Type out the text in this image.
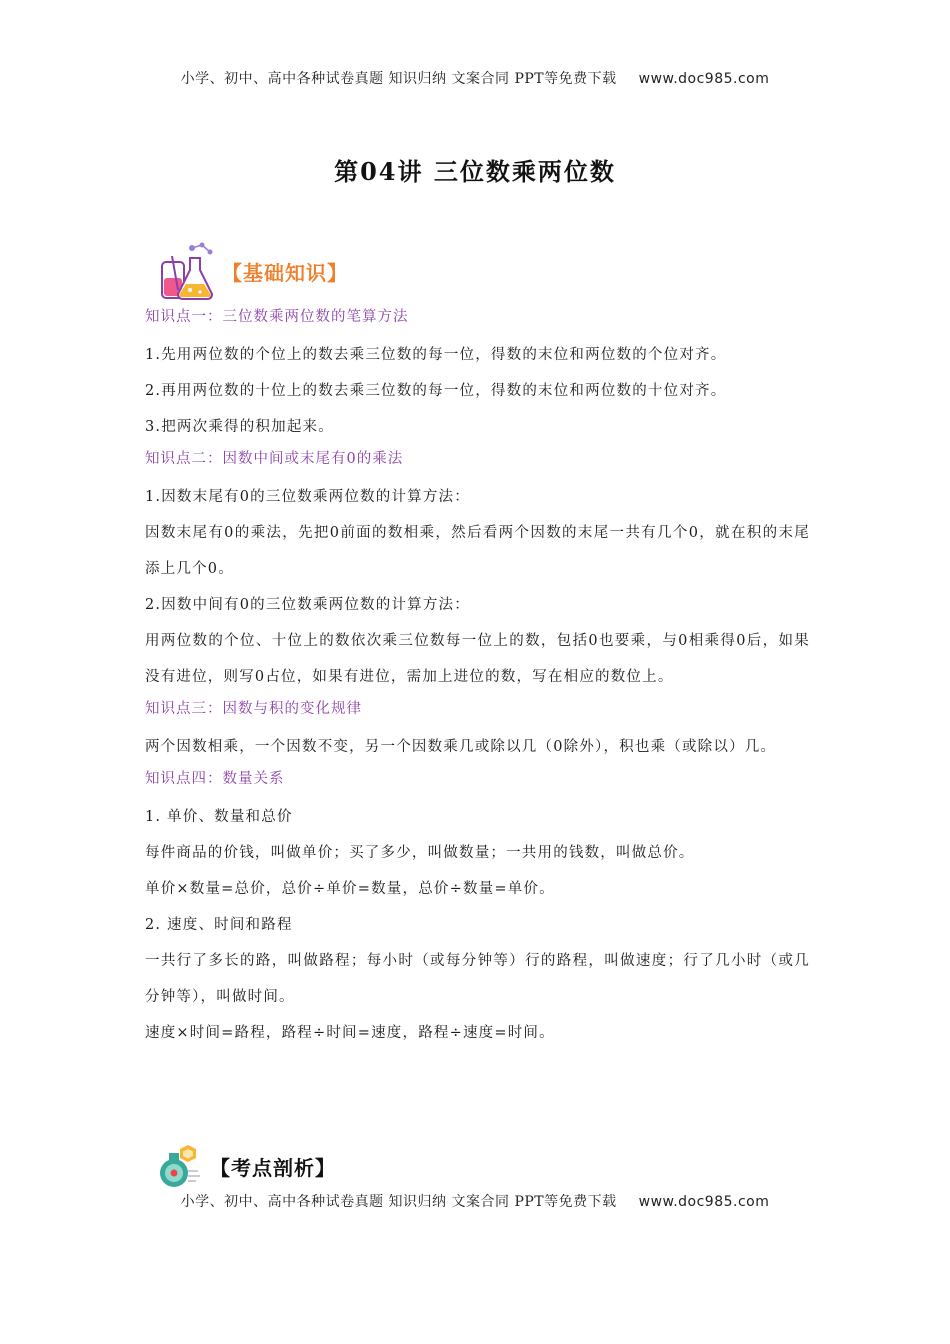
小学、初中、高中各种试卷真题 知识归纳 文案合同 PPT等免费下载 www.doc985.com
第04讲 三位数乘两位数
【基础知识】
知识点一：三位数乘两位数的笔算方法
1.先用两位数的个位上的数去乘三位数的每一位，得数的末位和两位数的个位对齐。
2.再用两位数的十位上的数去乘三位数的每一位，得数的末位和两位数的十位对齐。
3.把两次乘得的积加起来。
知识点二：因数中间或末尾有0的乘法
1.因数末尾有0的三位数乘两位数的计算方法：
因数末尾有0的乘法，先把0前面的数相乘，然后看两个因数的末尾一共有几个0，就在积的末尾添上几个0。
2.因数中间有0的三位数乘两位数的计算方法：
用两位数的个位、十位上的数依次乘三位数每一位上的数，包括0也要乘，与0相乘得0后，如果没有进位，则写0占位，如果有进位，需加上进位的数，写在相应的数位上。
知识点三：因数与积的变化规律
两个因数相乘，一个因数不变，另一个因数乘几或除以几（0除外），积也乘（或除以）几。
知识点四：数量关系
1. 单价、数量和总价
每件商品的价钱，叫做单价；买了多少，叫做数量；一共用的钱数，叫做总价。
单价×数量=总价，总价÷单价=数量，总价÷数量=单价。
2. 速度、时间和路程
一共行了多长的路，叫做路程；每小时（或每分钟等）行的路程，叫做速度；行了几小时（或几分钟等），叫做时间。
速度×时间=路程，路程÷时间=速度，路程÷速度=时间。
【考点剖析】
小学、初中、高中各种试卷真题 知识归纳 文案合同 PPT等免费下载 www.doc985.com
